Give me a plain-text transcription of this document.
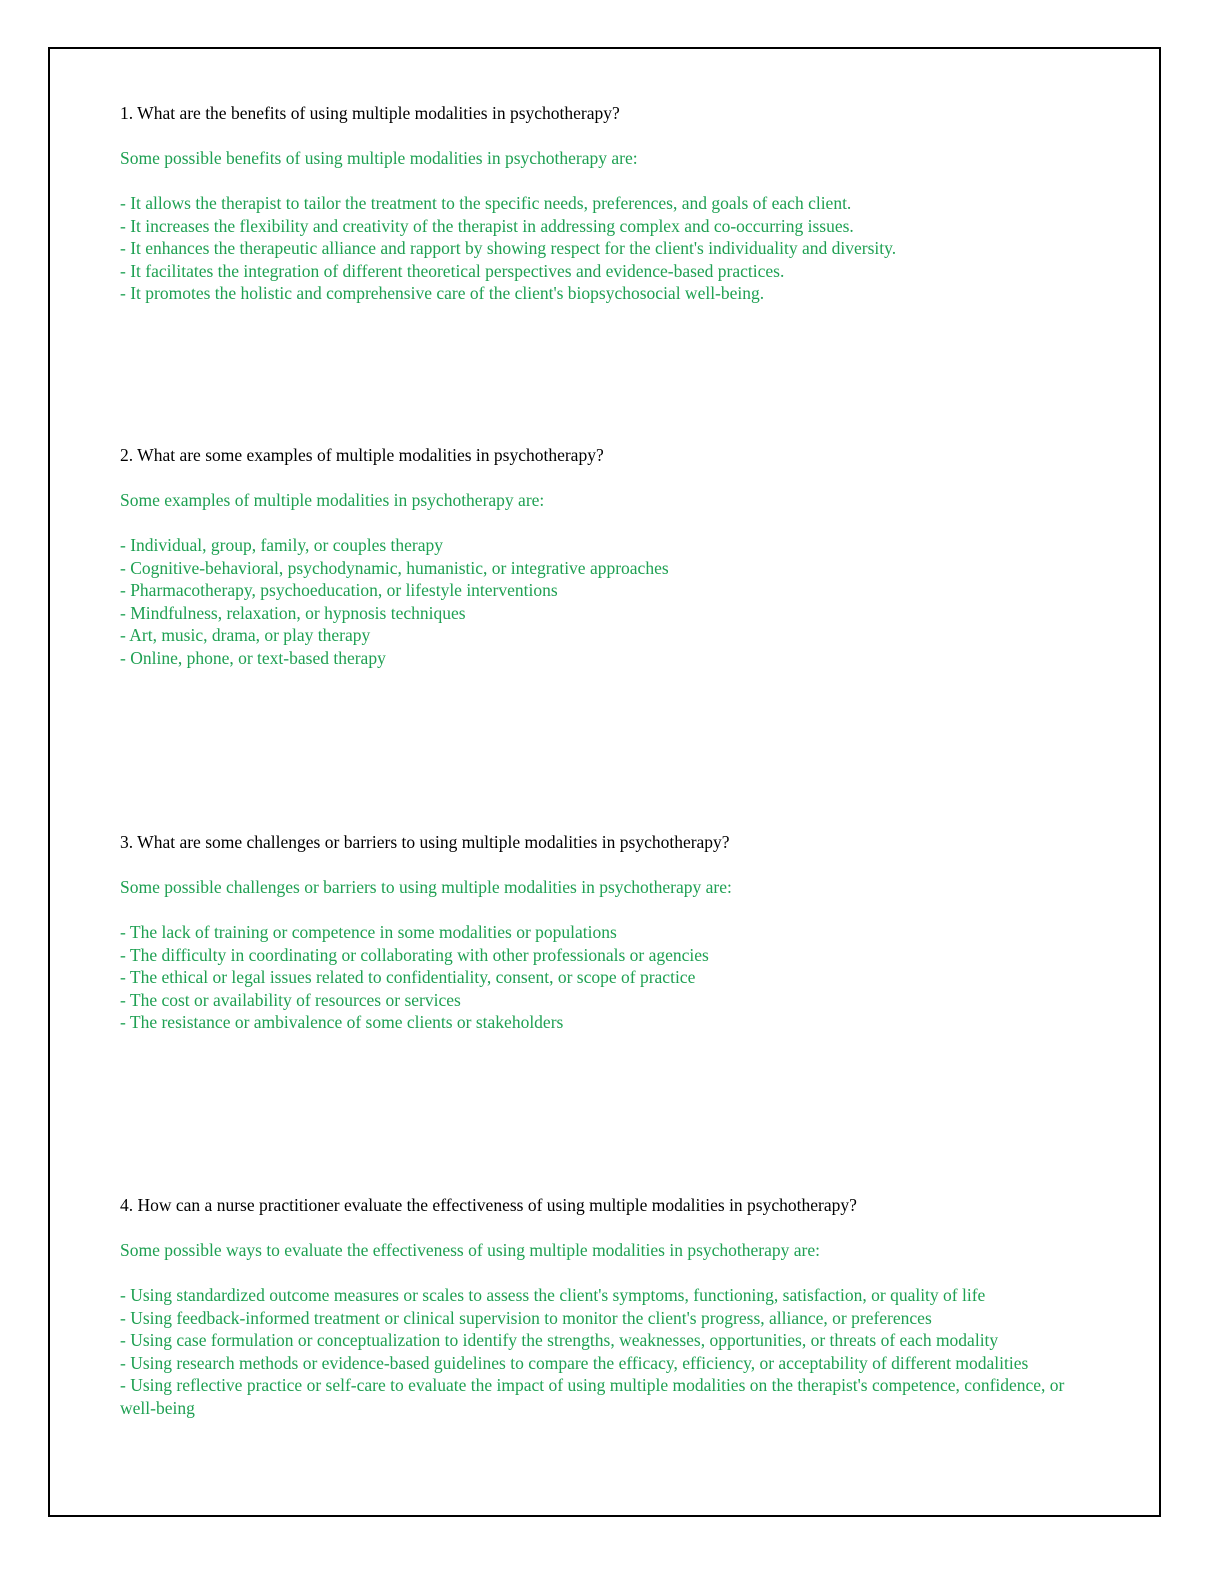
1. What are the benefits of using multiple modalities in psychotherapy?

Some possible benefits of using multiple modalities in psychotherapy are:

- It allows the therapist to tailor the treatment to the specific needs, preferences, and goals of each client.
- It increases the flexibility and creativity of the therapist in addressing complex and co-occurring issues.
- It enhances the therapeutic alliance and rapport by showing respect for the client's individuality and diversity.
- It facilitates the integration of different theoretical perspectives and evidence-based practices.
- It promotes the holistic and comprehensive care of the client's biopsychosocial well-being.

2. What are some examples of multiple modalities in psychotherapy?

Some examples of multiple modalities in psychotherapy are:

- Individual, group, family, or couples therapy
- Cognitive-behavioral, psychodynamic, humanistic, or integrative approaches
- Pharmacotherapy, psychoeducation, or lifestyle interventions
- Mindfulness, relaxation, or hypnosis techniques
- Art, music, drama, or play therapy
- Online, phone, or text-based therapy

3. What are some challenges or barriers to using multiple modalities in psychotherapy?

Some possible challenges or barriers to using multiple modalities in psychotherapy are:

- The lack of training or competence in some modalities or populations
- The difficulty in coordinating or collaborating with other professionals or agencies
- The ethical or legal issues related to confidentiality, consent, or scope of practice
- The cost or availability of resources or services
- The resistance or ambivalence of some clients or stakeholders

4. How can a nurse practitioner evaluate the effectiveness of using multiple modalities in psychotherapy?

Some possible ways to evaluate the effectiveness of using multiple modalities in psychotherapy are:

- Using standardized outcome measures or scales to assess the client's symptoms, functioning, satisfaction, or quality of life
- Using feedback-informed treatment or clinical supervision to monitor the client's progress, alliance, or preferences
- Using case formulation or conceptualization to identify the strengths, weaknesses, opportunities, or threats of each modality
- Using research methods or evidence-based guidelines to compare the efficacy, efficiency, or acceptability of different modalities
- Using reflective practice or self-care to evaluate the impact of using multiple modalities on the therapist's competence, confidence, or well-being
